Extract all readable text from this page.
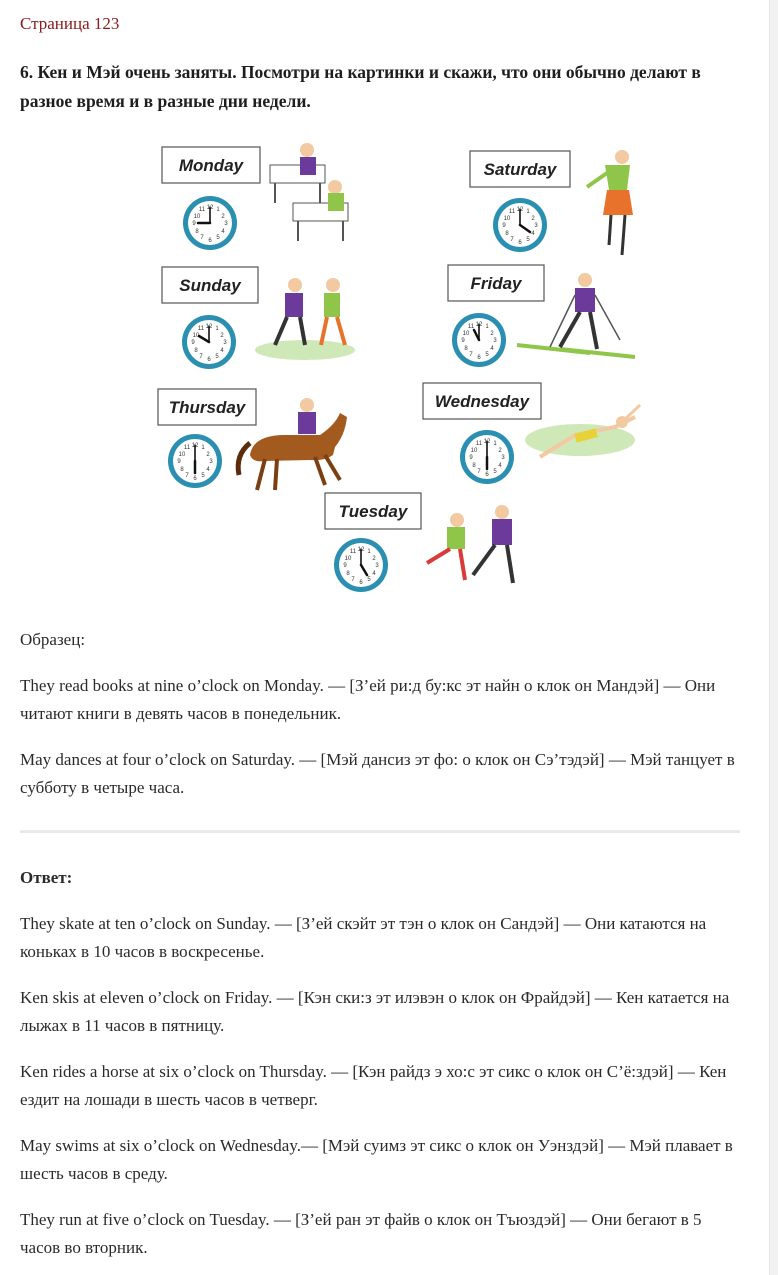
Страница 123
6. Кен и Мэй очень заняты. Посмотри на картинки и скажи, что они обычно делают в разное время и в разные дни недели.
12 1
2
3
4
5
6
7
8
9
10
11
Monday	Saturday
Sunday	Friday
Thursday	Wednesday
Tuesday
Образец:
They read books at nine o’clock on Monday. — [З’ей ри:д бу:кс эт найн о клок он Мандэй] — Они читают книги в девять часов в понедельник.
May dances at four o’clock on Saturday. — [Мэй дансиз эт фо: о клок он Сэ’тэдэй] — Мэй танцует в субботу в четыре часа.
Ответ:
They skate at ten o’clock on Sunday. — [З’ей скэйт эт тэн о клок он Сандэй] — Они катаются на коньках в 10 часов в воскресенье.
Ken skis at eleven o’clock on Friday. — [Кэн ски:з эт илэвэн о клок он Фрайдэй] — Кен катается на лыжах в 11 часов в пятницу.
Ken rides a horse at six o’clock on Thursday. — [Кэн райдз э хо:с эт сикс о клок он С’ё:здэй] — Кен ездит на лошади в шесть часов в четверг.
May swims at six o’clock on Wednesday.— [Мэй суимз эт сикс о клок он Уэнздэй] — Мэй плавает в шесть часов в среду.
They run at five o’clock on Tuesday. — [З’ей ран эт файв о клок он Тъюздэй] — Они бегают в 5 часов во вторник.
